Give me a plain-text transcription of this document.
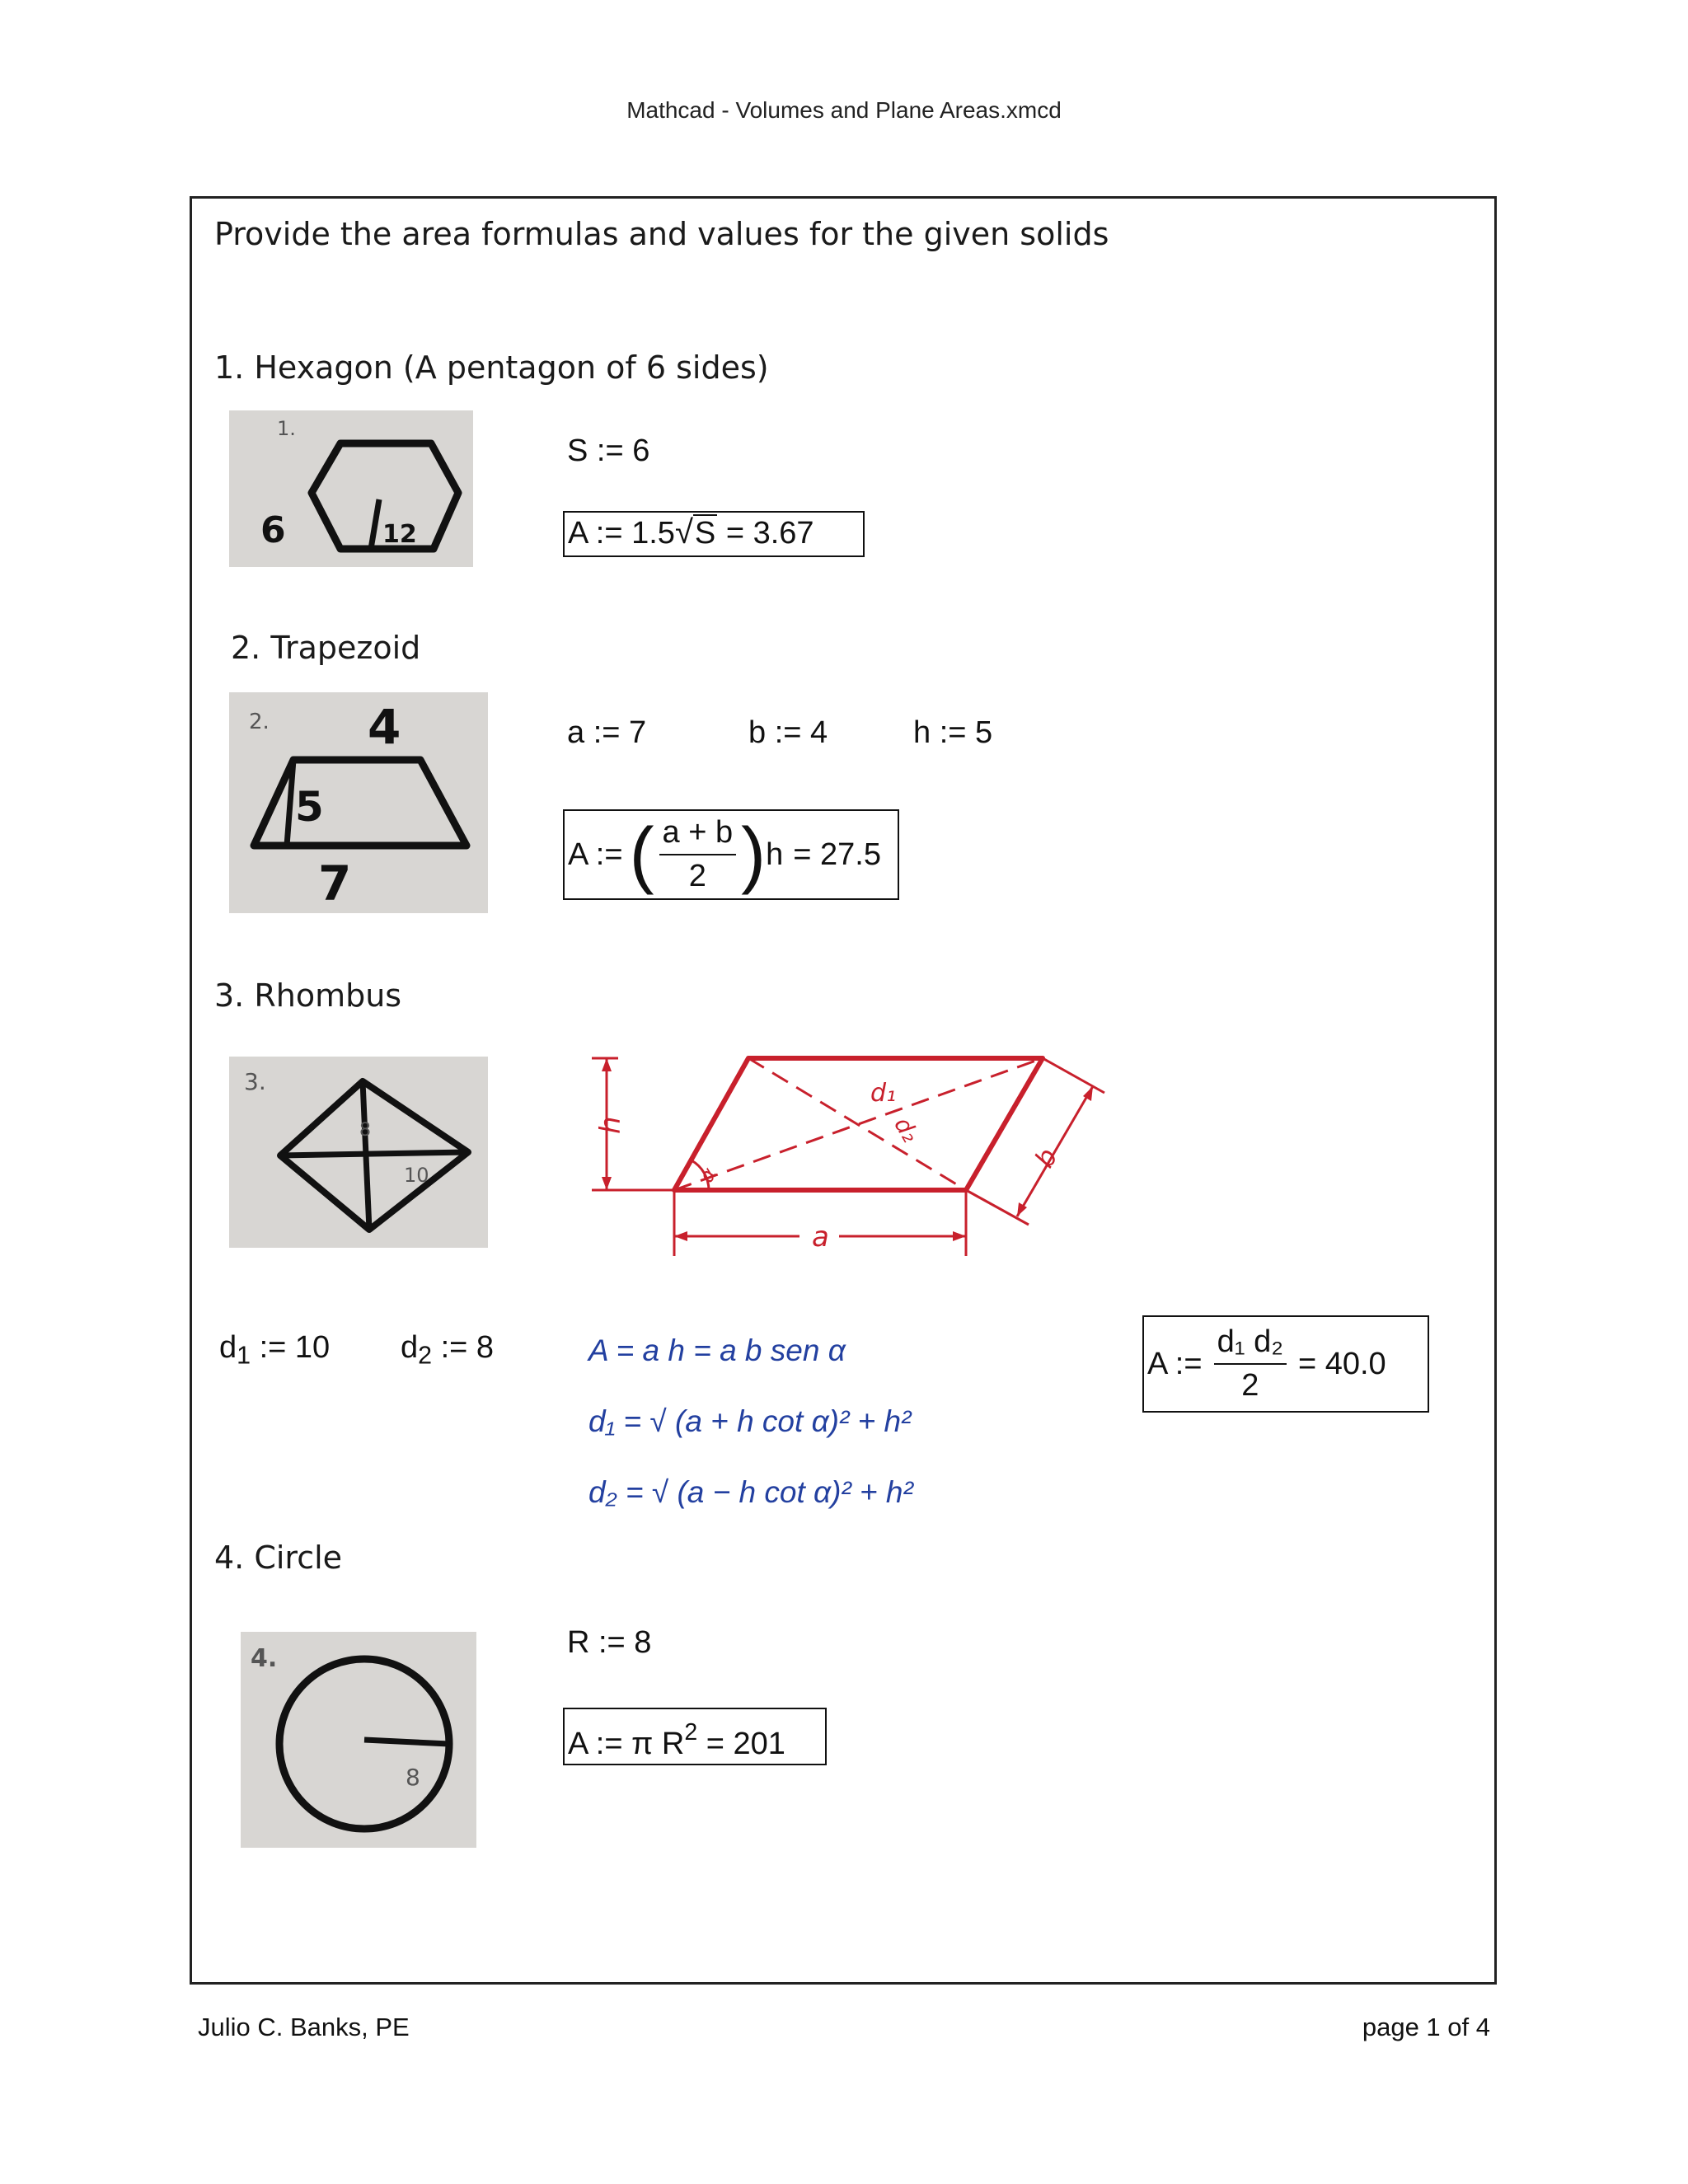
Mathcad - Volumes and Plane Areas.xmcd
Provide the area formulas and values for the given solids
1. Hexagon (A pentagon of 6 sides)
1.
6	12
S := 6
A := 1.5√S = 3.67
2. Trapezoid
2. 4
5
7
a := 7	b := 4	h := 5
A := ( $\frac{a + b}{2}$ ) h = 27.5
3. Rhombus
3.
8
10
h
α
d₁
d₂
b
a
$d_1$ := 10 $d_2$ := 8	A = a h = a b sen α
d₁ = √ (a + h cot α)² + h²
d₂ = √ (a − h cot α)² + h²
A := $\frac{\text{d₁ d₂}}{2} = 40.0$
4. Circle
4.
8
R := 8
A := π $R^2 = 201$
Julio C. Banks, PE	page 1 of 4
